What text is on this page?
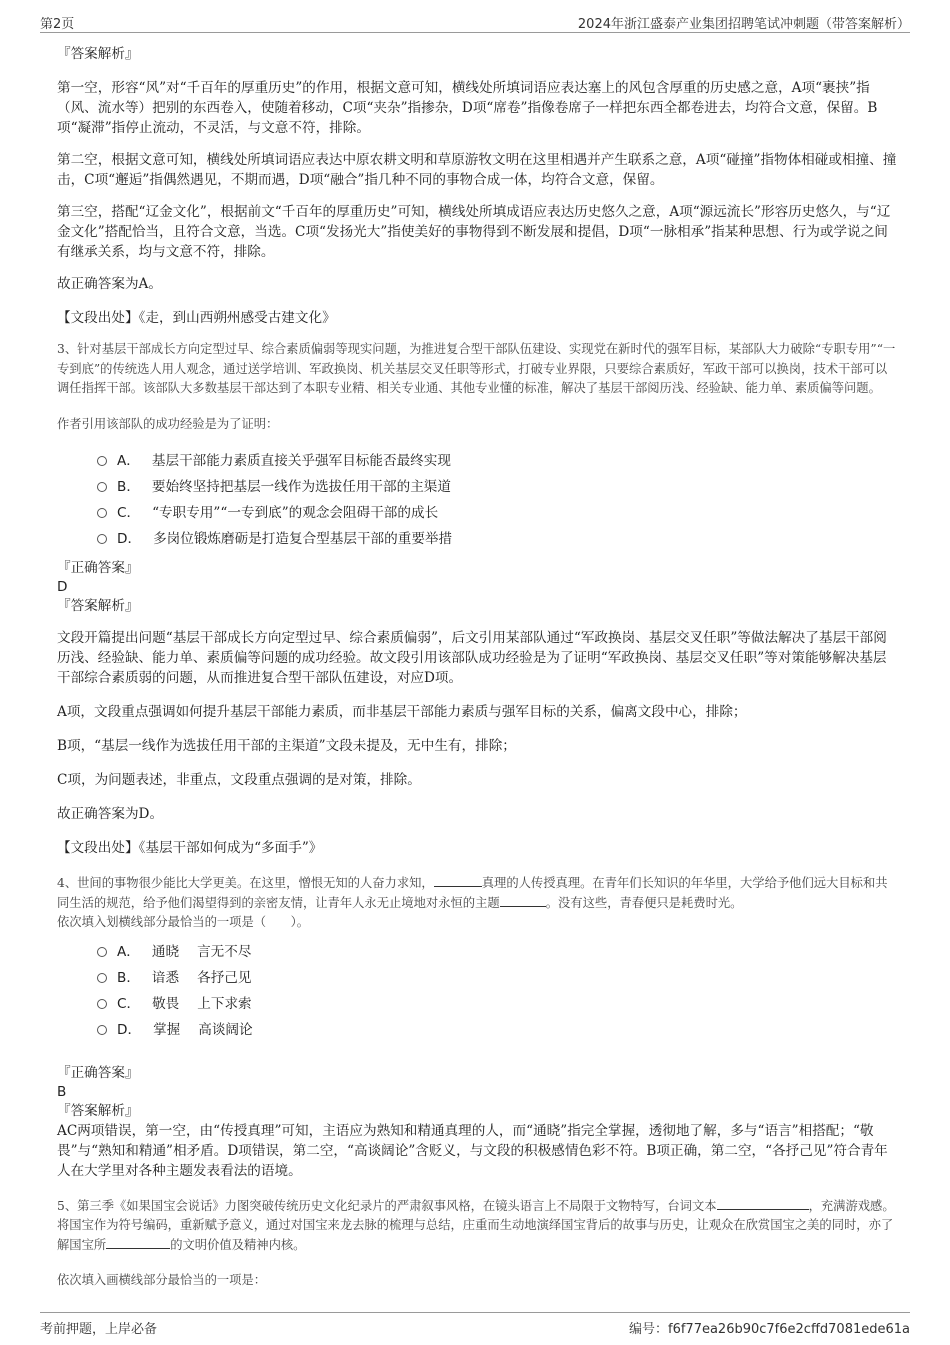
第2页	2024年浙江盛泰产业集团招聘笔试冲刺题（带答案解析）

『答案解析』

第一空，形容“风”对“千百年的厚重历史”的作用，根据文意可知，横线处所填词语应表达塞上的风包含厚重的历史感之意，A项“裹挟”指（风、流水等）把别的东西卷入，使随着移动，C项“夹杂”指掺杂，D项“席卷”指像卷席子一样把东西全都卷进去，均符合文意，保留。B项“凝滞”指停止流动，不灵活，与文意不符，排除。

第二空，根据文意可知，横线处所填词语应表达中原农耕文明和草原游牧文明在这里相遇并产生联系之意，A项“碰撞”指物体相碰或相撞、撞击，C项“邂逅”指偶然遇见，不期而遇，D项“融合”指几种不同的事物合成一体，均符合文意，保留。

第三空，搭配“辽金文化”，根据前文“千百年的厚重历史”可知，横线处所填成语应表达历史悠久之意，A项“源远流长”形容历史悠久，与“辽金文化”搭配恰当，且符合文意，当选。C项“发扬光大”指使美好的事物得到不断发展和提倡，D项“一脉相承”指某种思想、行为或学说之间有继承关系，均与文意不符，排除。

故正确答案为A。

【文段出处】《走，到山西朔州感受古建文化》

3、针对基层干部成长方向定型过早、综合素质偏弱等现实问题，为推进复合型干部队伍建设、实现党在新时代的强军目标，某部队大力破除“专职专用”“一专到底”的传统选人用人观念，通过送学培训、军政换岗、机关基层交叉任职等形式，打破专业界限，只要综合素质好，军政干部可以换岗，技术干部可以调任指挥干部。该部队大多数基层干部达到了本职专业精、相关专业通、其他专业懂的标准，解决了基层干部阅历浅、经验缺、能力单、素质偏等问题。

作者引用该部队的成功经验是为了证明：

A． 基层干部能力素质直接关乎强军目标能否最终实现
B． 要始终坚持把基层一线作为选拔任用干部的主渠道
C． “专职专用”“一专到底”的观念会阻碍干部的成长
D． 多岗位锻炼磨砺是打造复合型基层干部的重要举措

『正确答案』

D

『答案解析』

文段开篇提出问题“基层干部成长方向定型过早、综合素质偏弱”，后文引用某部队通过“军政换岗、基层交叉任职”等做法解决了基层干部阅历浅、经验缺、能力单、素质偏等问题的成功经验。故文段引用该部队成功经验是为了证明“军政换岗、基层交叉任职”等对策能够解决基层干部综合素质弱的问题，从而推进复合型干部队伍建设，对应D项。

A项，文段重点强调如何提升基层干部能力素质，而非基层干部能力素质与强军目标的关系，偏离文段中心，排除；

B项，“基层一线作为选拔任用干部的主渠道”文段未提及，无中生有，排除；

C项，为问题表述，非重点，文段重点强调的是对策，排除。

故正确答案为D。

【文段出处】《基层干部如何成为“多面手”》

4、世间的事物很少能比大学更美。在这里，憎恨无知的人奋力求知，	真理的人传授真理。在青年们长知识的年华里，大学给予他们远大目标和共同生活的规范，给予他们渴望得到的亲密友情，让青年人永无止境地对永恒的主题	。没有这些，青春便只是耗费时光。

依次填入划横线部分最恰当的一项是（　　）。

A． 通晓 言无不尽
B． 谙悉 各抒己见
C． 敬畏 上下求索
D． 掌握 高谈阔论

『正确答案』

B

『答案解析』

AC两项错误，第一空，由“传授真理”可知，主语应为熟知和精通真理的人，而“通晓”指完全掌握，透彻地了解，多与“语言”相搭配；“敬畏”与“熟知和精通”相矛盾。D项错误，第二空，“高谈阔论”含贬义，与文段的积极感情色彩不符。B项正确，第二空，“各抒己见”符合青年人在大学里对各种主题发表看法的语境。

5、第三季《如果国宝会说话》力图突破传统历史文化纪录片的严肃叙事风格，在镜头语言上不局限于文物特写，台词文本	，充满游戏感。将国宝作为符号编码，重新赋予意义，通过对国宝来龙去脉的梳理与总结，庄重而生动地演绎国宝背后的故事与历史，让观众在欣赏国宝之美的同时，亦了解国宝所	的文明价值及精神内核。

依次填入画横线部分最恰当的一项是：

考前押题，上岸必备	编号：f6f77ea26b90c7f6e2cffd7081ede61a
